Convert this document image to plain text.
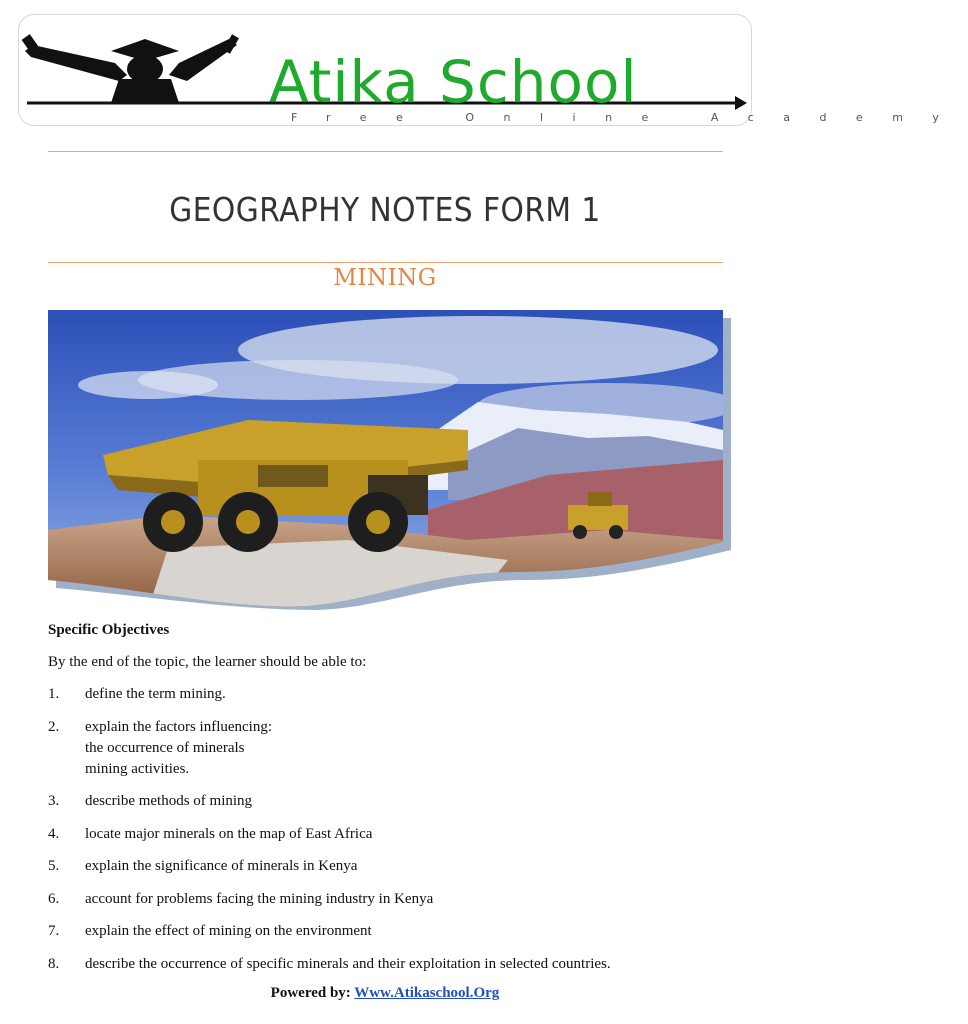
Atika School
Free Online Academy
GEOGRAPHY NOTES FORM 1
MINING

Specific Objectives

By the end of the topic, the learner should be able to:

1.	define the term mining.
2.	explain the factors influencing:
the occurrence of minerals
mining activities.
3.	describe methods of mining
4.	locate major minerals on the map of East Africa
5.	explain the significance of minerals in Kenya
6.	account for problems facing the mining industry in Kenya
7.	explain the effect of mining on the environment
8.	describe the occurrence of specific minerals and their exploitation in selected countries.
Powered by: Www.Atikaschool.Org
